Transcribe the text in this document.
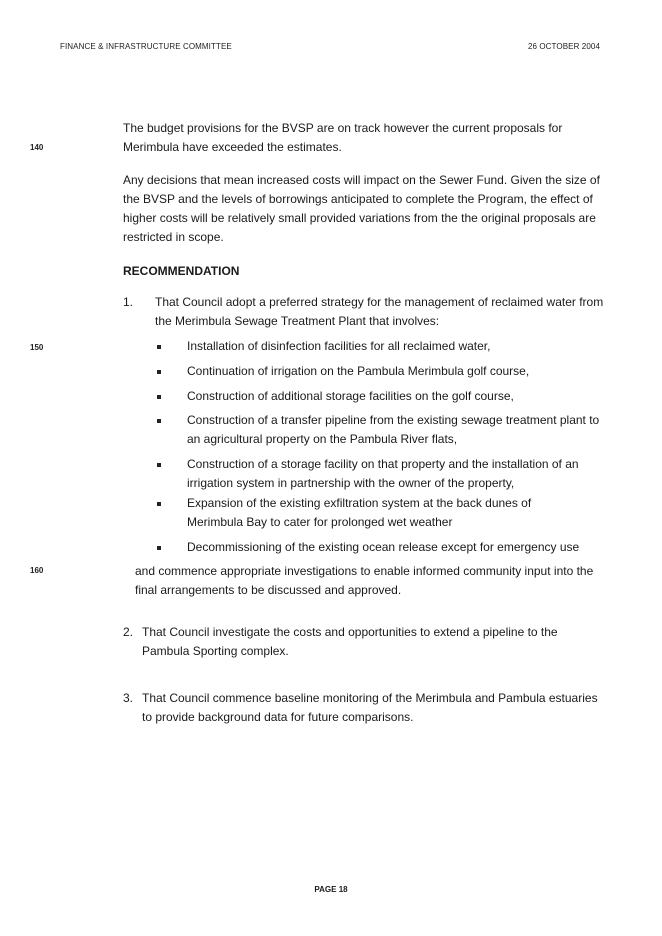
FINANCE & INFRASTRUCTURE COMMITTEE	26 OCTOBER 2004
140
150
160
The budget provisions for the BVSP are on track however the current proposals for Merimbula have exceeded the estimates.
Any decisions that mean increased costs will impact on the Sewer Fund. Given the size of the BVSP and the levels of borrowings anticipated to complete the Program, the effect of higher costs will be relatively small provided variations from the the original proposals are restricted in scope.
RECOMMENDATION
1. That Council adopt a preferred strategy for the management of reclaimed water from the Merimbula Sewage Treatment Plant that involves:
Installation of disinfection facilities for all reclaimed water,
Continuation of irrigation on the Pambula Merimbula golf course,
Construction of additional storage facilities on the golf course,
Construction of a transfer pipeline from the existing sewage treatment plant to an agricultural property on the Pambula River flats,
Construction of a storage facility on that property and the installation of an irrigation system in partnership with the owner of the property,
Expansion of the existing exfiltration system at the back dunes of Merimbula Bay to cater for prolonged wet weather
Decommissioning of the existing ocean release except for emergency use
and commence appropriate investigations to enable informed community input into the final arrangements to be discussed and approved.
2. That Council investigate the costs and opportunities to extend a pipeline to the Pambula Sporting complex.
3. That Council commence baseline monitoring of the Merimbula and Pambula estuaries to provide background data for future comparisons.
PAGE 18
